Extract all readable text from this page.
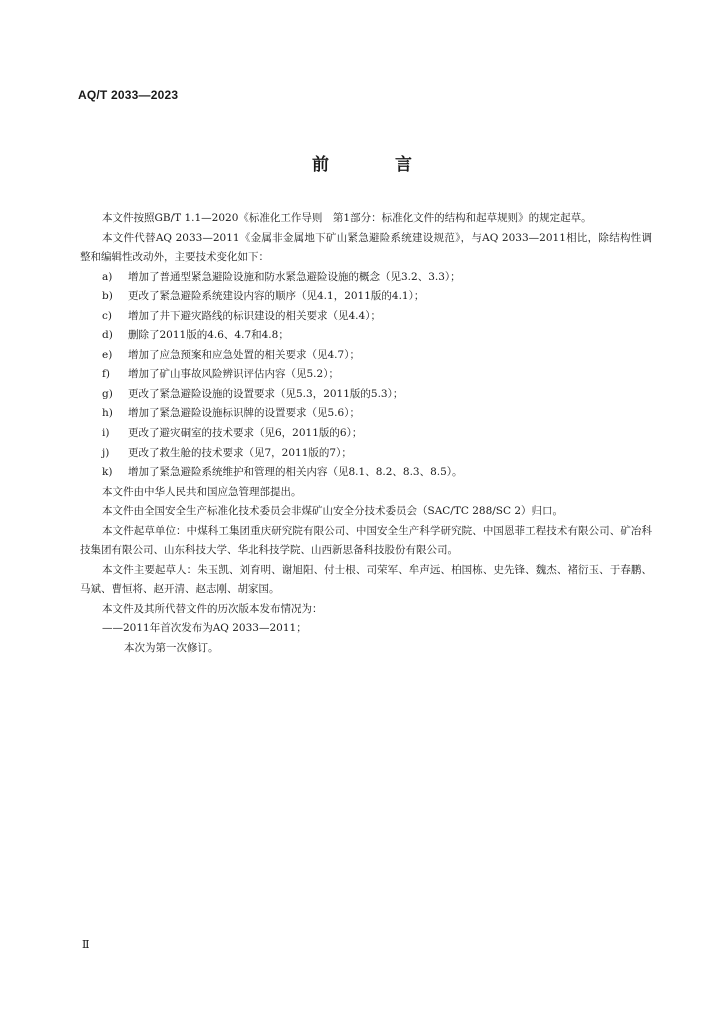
AQ/T 2033—2023
前 言

本文件按照GB/T 1.1—2020《标准化工作导则　第1部分：标准化文件的结构和起草规则》的规定起草。

本文件代替AQ 2033—2011《金属非金属地下矿山紧急避险系统建设规范》，与AQ 2033—2011相比，除结构性调整和编辑性改动外，主要技术变化如下：

a)	增加了普通型紧急避险设施和防水紧急避险设施的概念（见3.2、3.3）；
b)	更改了紧急避险系统建设内容的顺序（见4.1，2011版的4.1）；
c)	增加了井下避灾路线的标识建设的相关要求（见4.4）；
d)	删除了2011版的4.6、4.7和4.8；
e)	增加了应急预案和应急处置的相关要求（见4.7）；
f)	增加了矿山事故风险辨识评估内容（见5.2）；
g)	更改了紧急避险设施的设置要求（见5.3，2011版的5.3）；
h)	增加了紧急避险设施标识牌的设置要求（见5.6）；
i)	更改了避灾硐室的技术要求（见6，2011版的6）；
j)	更改了救生舱的技术要求（见7，2011版的7）；
k)	增加了紧急避险系统维护和管理的相关内容（见8.1、8.2、8.3、8.5）。

本文件由中华人民共和国应急管理部提出。

本文件由全国安全生产标准化技术委员会非煤矿山安全分技术委员会（SAC/TC 288/SC 2）归口。

本文件起草单位：中煤科工集团重庆研究院有限公司、中国安全生产科学研究院、中国恩菲工程技术有限公司、矿冶科技集团有限公司、山东科技大学、华北科技学院、山西新思备科技股份有限公司。

本文件主要起草人：朱玉凯、刘育明、谢旭阳、付士根、司荣军、牟声远、柏国栋、史先锋、魏杰、褚衍玉、于春鹏、马斌、曹恒将、赵开清、赵志刚、胡家国。

本文件及其所代替文件的历次版本发布情况为：

——2011年首次发布为AQ 2033—2011；

本次为第一次修订。

Ⅱ
